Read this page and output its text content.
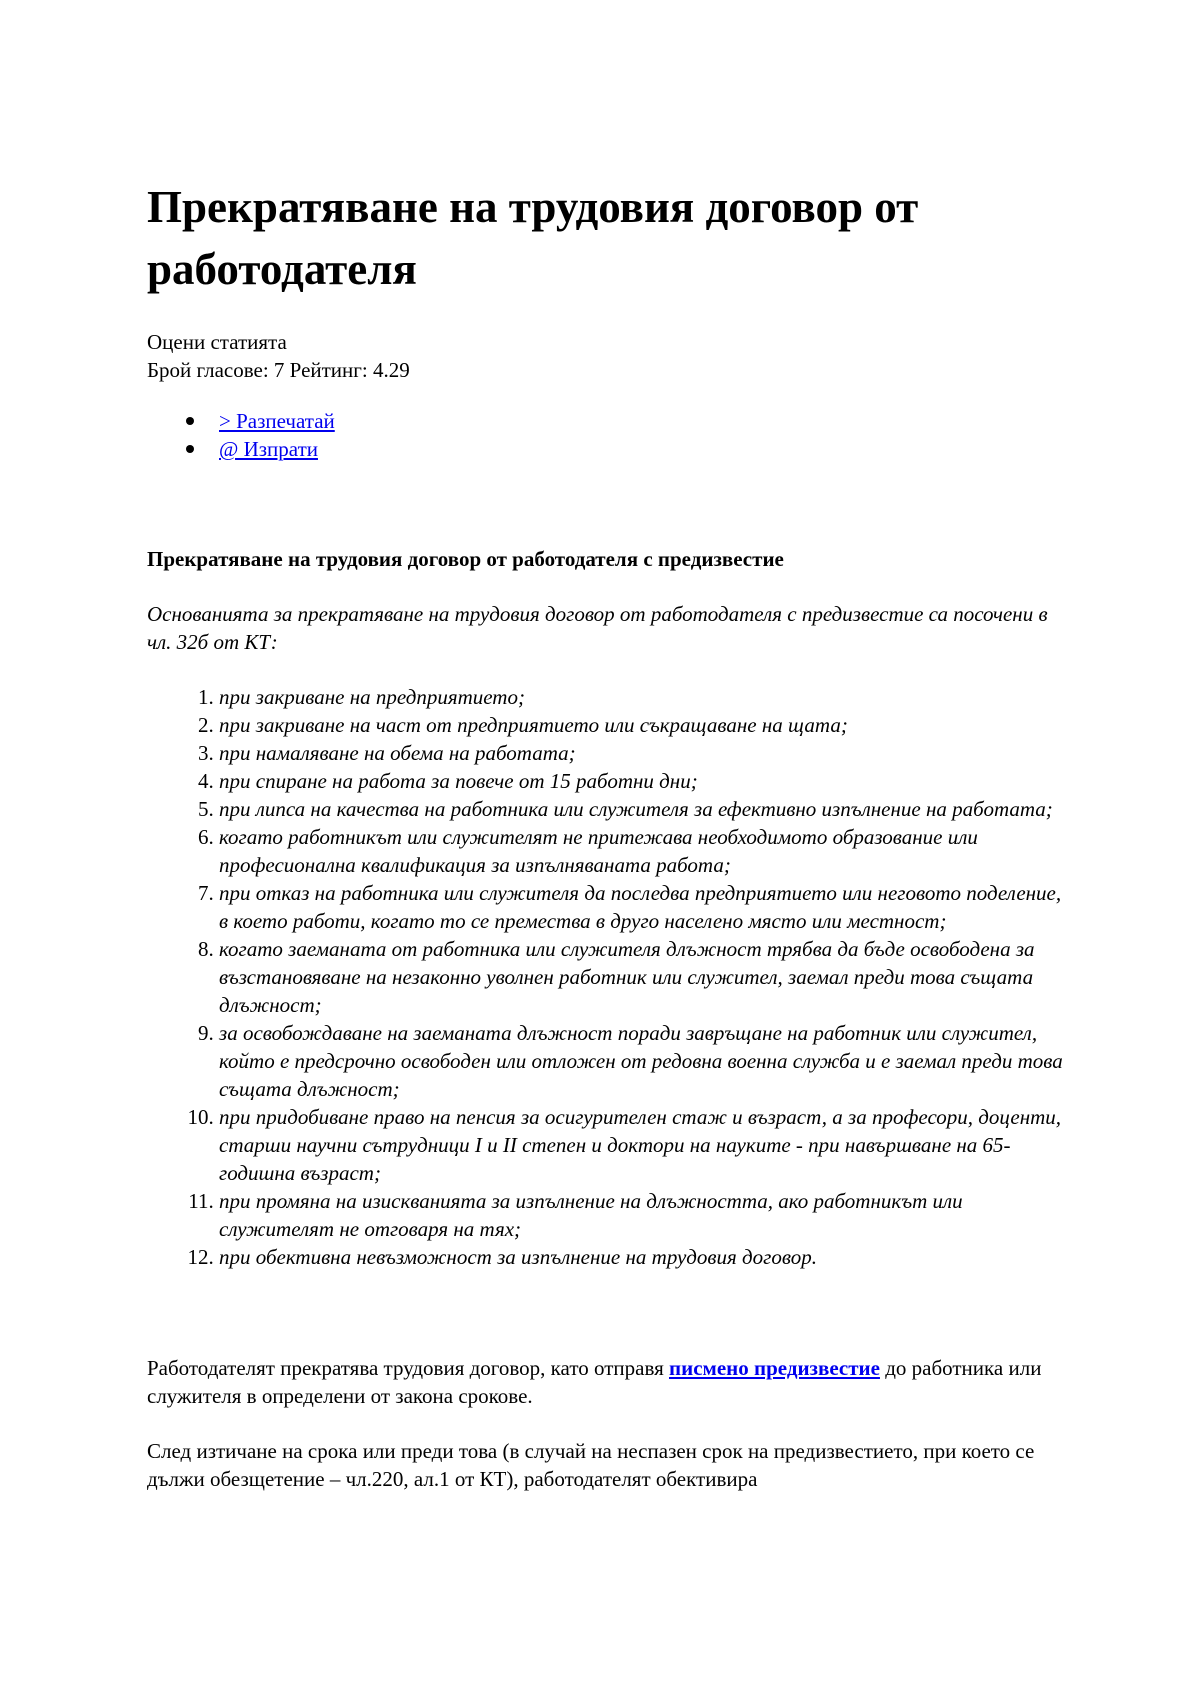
Прекратяване на трудовия договор от работодателя

Оцени статията

Брой гласове: 7 Рейтинг: 4.29

> Разпечатай
@ Изпрати
Прекратяване на трудовия договор от работодателя с предизвестие

Основанията за прекратяване на трудовия договор от работодателя с предизвестие са посочени в чл. 32б от КТ:

1. при закриване на предприятието;
2. при закриване на част от предприятието или съкращаване на щата;
3. при намаляване на обема на работата;
4. при спиране на работа за повече от 15 работни дни;
5. при липса на качества на работника или служителя за ефективно изпълнение на работата;
6. когато работникът или служителят не притежава необходимото образование или професионална квалификация за изпълняваната работа;
7. при отказ на работника или служителя да последва предприятието или неговото поделение, в което работи, когато то се премества в друго населено място или местност;
8. когато заеманата от работника или служителя длъжност трябва да бъде освободена за възстановяване на незаконно уволнен работник или служител, заемал преди това същата длъжност;
9. за освобождаване на заеманата длъжност поради завръщане на работник или служител, който е предсрочно освободен или отложен от редовна военна служба и е заемал преди това същата длъжност;
10. при придобиване право на пенсия за осигурителен стаж и възраст, а за професори, доценти, старши научни сътрудници I и II степен и доктори на науките - при навършване на 65-годишна възраст;
11. при промяна на изискванията за изпълнение на длъжността, ако работникът или служителят не отговаря на тях;
12. при обективна невъзможност за изпълнение на трудовия договор.

Работодателят прекратява трудовия договор, като отправя писмено предизвестие до работника или служителя в определени от закона срокове.

След изтичане на срока или преди това (в случай на неспазен срок на предизвестието, при което се дължи обезщетение – чл.220, ал.1 от КТ), работодателят обективира
